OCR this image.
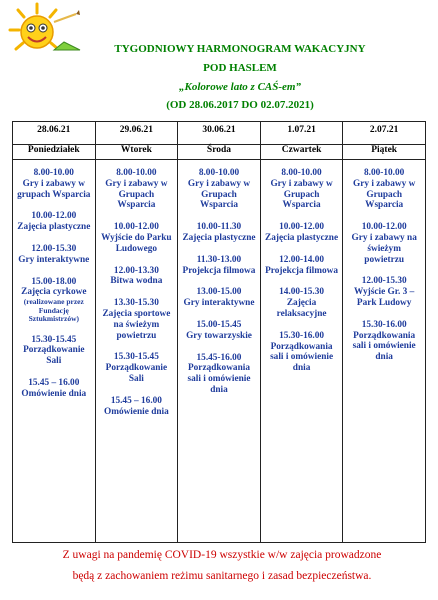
TYGODNIOWY HARMONOGRAM WAKACYJNY
POD HASLEM
„Kolorowe lato z CAŚ-em”
(OD 28.06.2017 DO 02.07.2021)
28.06.21
Poniedziałek
8.00-10.00
Gry i zabawy w grupach Wsparcia
10.00-12.00
Zajęcia plastyczne
12.00-15.30
Gry interaktywne
15.00-18.00
Zajęcia cyrkowe
(realizowane przez Fundację Sztukmistrzów)
15.30-15.45
Porządkowanie Sali
15.45 – 16.00
Omówienie dnia
29.06.21
Wtorek
8.00-10.00
Gry i zabawy w Grupach Wsparcia
10.00-12.00
Wyjście do Parku Ludowego
12.00-13.30
Bitwa wodna
13.30-15.30
Zajęcia sportowe na świeżym powietrzu
15.30-15.45
Porządkowanie Sali
15.45 – 16.00
Omówienie dnia
30.06.21
Środa
8.00-10.00
Gry i zabawy w Grupach Wsparcia
10.00-11.30
Zajęcia plastyczne
11.30-13.00
Projekcja filmowa
13.00-15.00
Gry interaktywne
15.00-15.45
Gry towarzyskie
15.45-16.00
Porządkowania sali i omówienie dnia
1.07.21
Czwartek
8.00-10.00
Gry i zabawy w Grupach Wsparcia
10.00-12.00
Zajęcia plastyczne
12.00-14.00
Projekcja filmowa
14.00-15.30
Zajęcia relaksacyjne
15.30-16.00
Porządkowania sali i omówienie dnia
2.07.21
Piątek
8.00-10.00
Gry i zabawy w Grupach Wsparcia
10.00-12.00
Gry i zabawy na świeżym powietrzu
12.00-15.30
Wyjście Gr. 3 – Park Ludowy
15.30-16.00
Porządkowania sali i omówienie dnia
Z uwagi na pandemię COVID-19 wszystkie w/w zajęcia prowadzone
będą z zachowaniem reżimu sanitarnego i zasad bezpieczeństwa.
